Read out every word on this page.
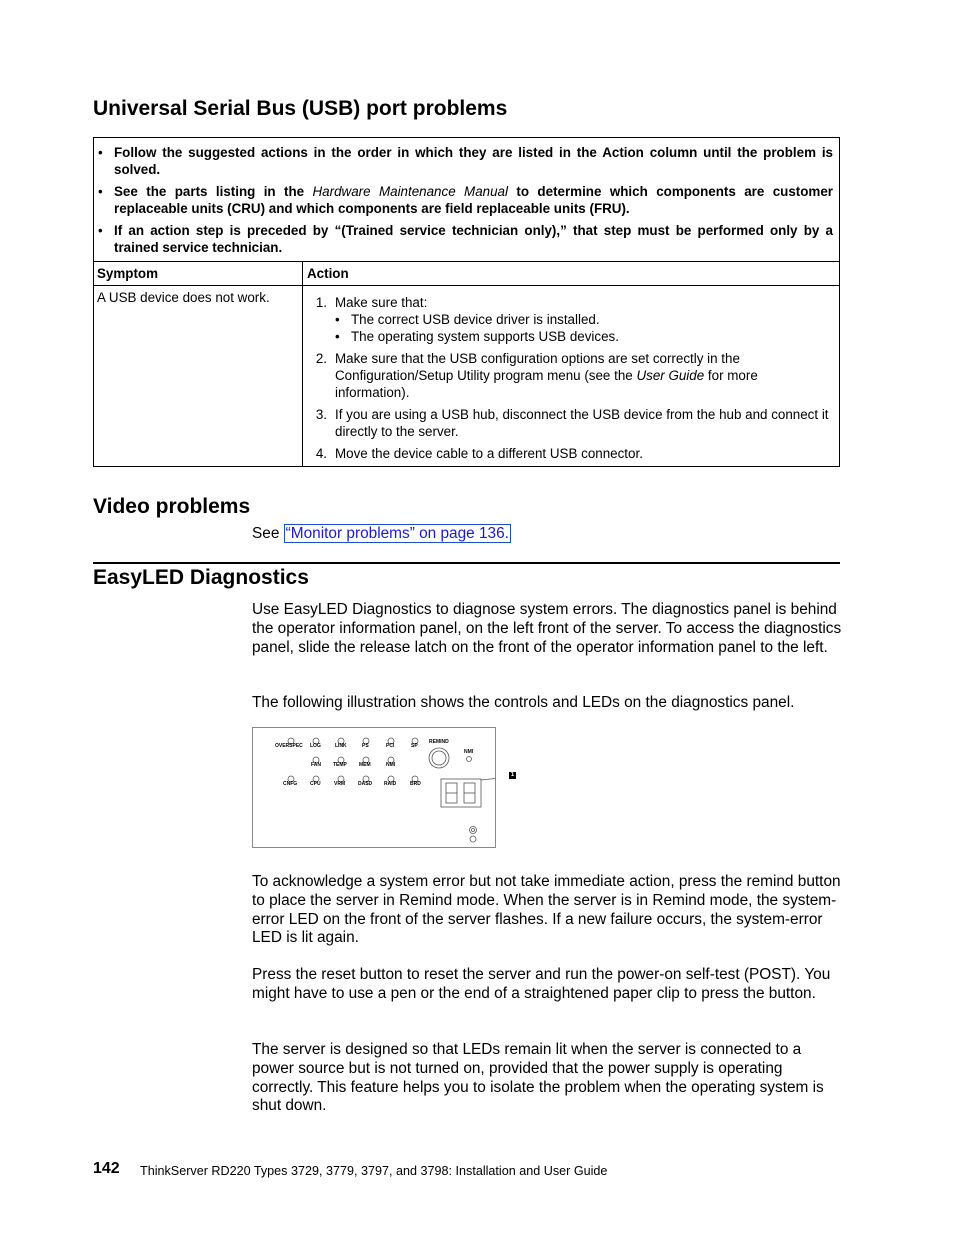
Universal Serial Bus (USB) port problems
• Follow the suggested actions in the order in which they are listed in the Action column until the problem is solved.
• See the parts listing in the Hardware Maintenance Manual to determine which components are customer replaceable units (CRU) and which components are field replaceable units (FRU).
• If an action step is preceded by “(Trained service technician only),” that step must be performed only by a trained service technician.
Symptom	Action
A USB device does not work.	1. Make sure that:
• The correct USB device driver is installed.
• The operating system supports USB devices.
2. Make sure that the USB configuration options are set correctly in the Configuration/Setup Utility program menu (see the User Guide for more information).
3. If you are using a USB hub, disconnect the USB device from the hub and connect it directly to the server.
4. Move the device cable to a different USB connector.
Video problems
See “Monitor problems” on page 136.
EasyLED Diagnostics
Use EasyLED Diagnostics to diagnose system errors. The diagnostics panel is behind the operator information panel, on the left front of the server. To access the diagnostics panel, slide the release latch on the front of the operator information panel to the left.
The following illustration shows the controls and LEDs on the diagnostics panel.
OVERSPEC LOG	LINK	PS	PCI	SP
FAN TEMP MEM	NMI
CNFG	CPU	VRM	DASD RAID	BRD
REMIND
NMI
1
To acknowledge a system error but not take immediate action, press the remind button to place the server in Remind mode. When the server is in Remind mode, the system-error LED on the front of the server flashes. If a new failure occurs, the system-error LED is lit again.
Press the reset button to reset the server and run the power-on self-test (POST). You might have to use a pen or the end of a straightened paper clip to press the button.
The server is designed so that LEDs remain lit when the server is connected to a power source but is not turned on, provided that the power supply is operating correctly. This feature helps you to isolate the problem when the operating system is shut down.
142 ThinkServer RD220 Types 3729, 3779, 3797, and 3798: Installation and User Guide
